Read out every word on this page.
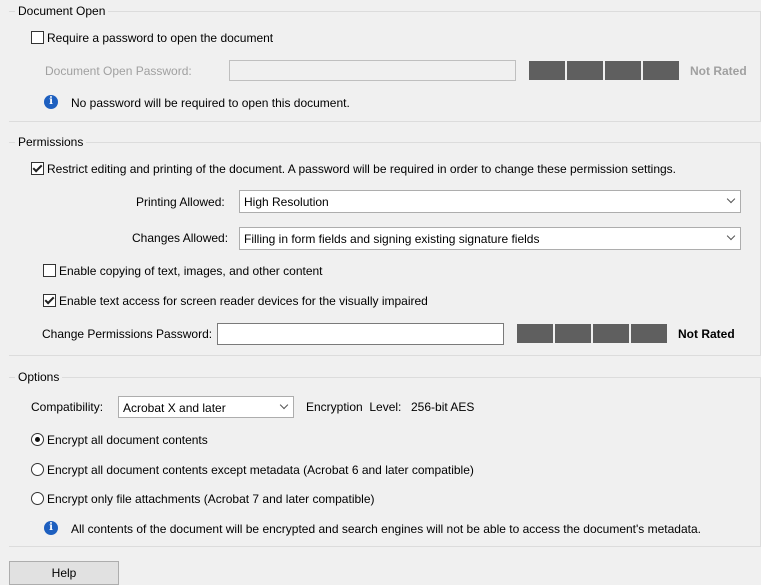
Document Open
Require a password to open the document
Document Open Password:	Not Rated
i	No password will be required to open this document.
Permissions
Restrict editing and printing of the document. A password will be required in order to change these permission settings.
Printing Allowed: High Resolution
Changes Allowed: Filling in form fields and signing existing signature fields
Enable copying of text, images, and other content
Enable text access for screen reader devices for the visually impaired
Change Permissions Password:	Not Rated
Options
Compatibility: Acrobat X and later	Encryption  Level: 256-bit AES
Encrypt all document contents
Encrypt all document contents except metadata (Acrobat 6 and later compatible)
Encrypt only file attachments (Acrobat 7 and later compatible)
i	All contents of the document will be encrypted and search engines will not be able to access the document's metadata.
Help
